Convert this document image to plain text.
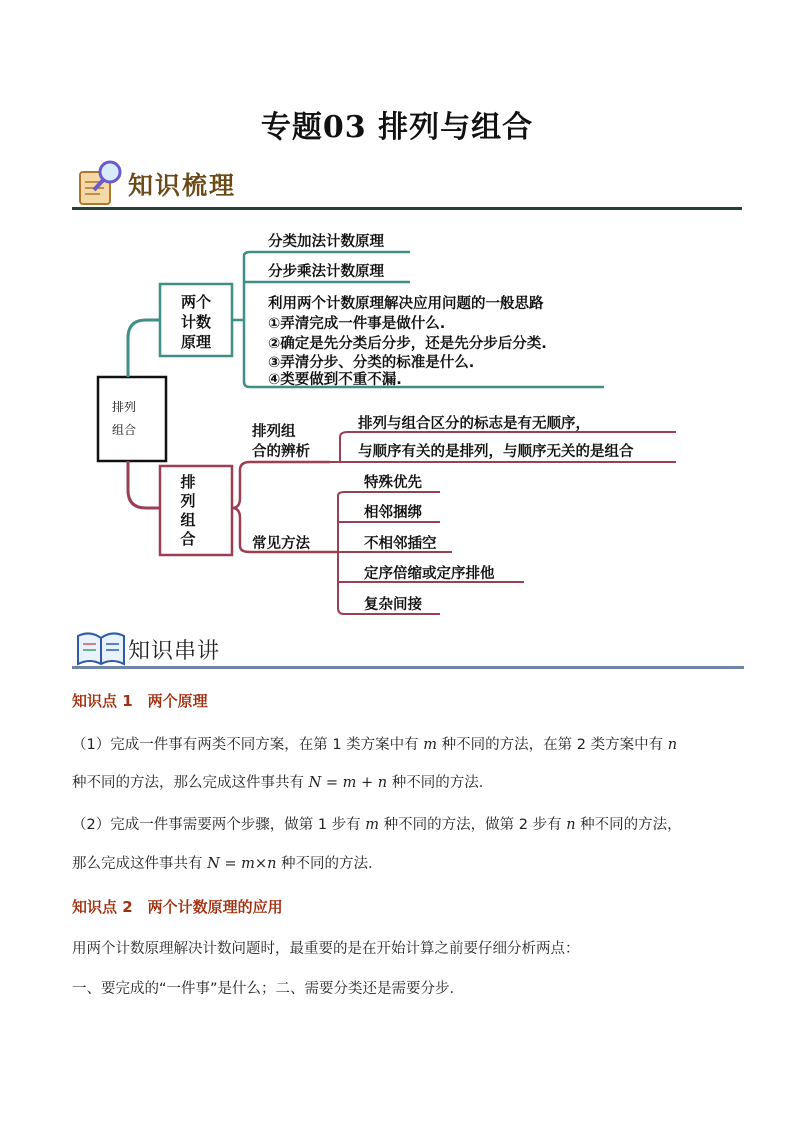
专题03 排列与组合
知识梳理
排列
组合
两个
计数
原理
分类加法计数原理
分步乘法计数原理
利用两个计数原理解决应用问题的一般思路
①弄清完成一件事是做什么.
②确定是先分类后分步，还是先分步后分类.
③弄清分步、分类的标准是什么.
④类要做到不重不漏.
排
列
组
合
排列组
合的辨析
排列与组合区分的标志是有无顺序，
与顺序有关的是排列，与顺序无关的是组合
常见方法
特殊优先
相邻捆绑
不相邻插空
定序倍缩或定序排他
复杂间接
知识串讲
知识点 1　两个原理
（1）完成一件事有两类不同方案，在第 1 类方案中有 m 种不同的方法，在第 2 类方案中有 n
种不同的方法，那么完成这件事共有 N = m + n 种不同的方法．
（2）完成一件事需要两个步骤，做第 1 步有 m 种不同的方法，做第 2 步有 n 种不同的方法，
那么完成这件事共有 N = m×n 种不同的方法．
知识点 2　两个计数原理的应用
用两个计数原理解决计数问题时，最重要的是在开始计算之前要仔细分析两点：
一、要完成的“一件事”是什么；二、需要分类还是需要分步．
